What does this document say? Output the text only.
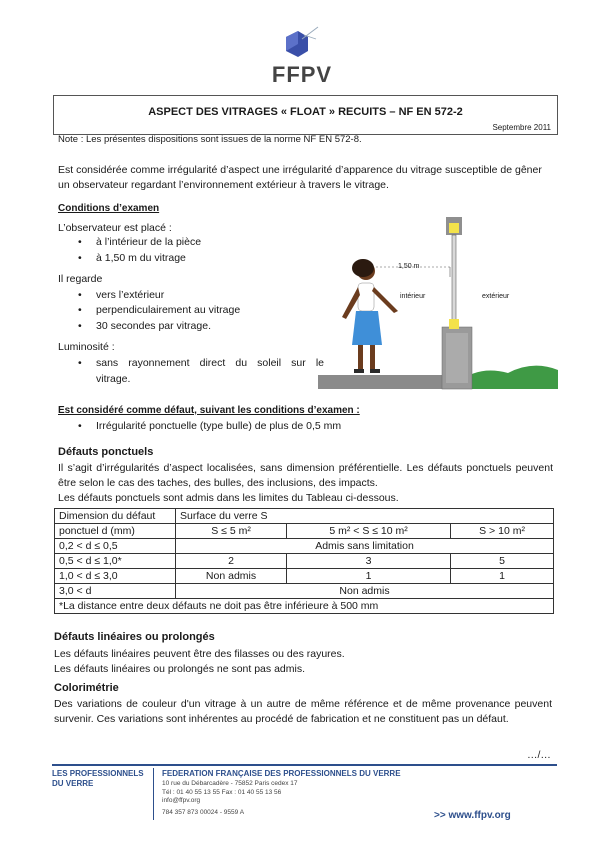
FFPV
ASPECT DES VITRAGES « FLOAT » RECUITS – NF EN 572-2
Septembre 2011
Note : Les présentes dispositions sont issues de la norme NF EN 572-8.
Est considérée comme irrégularité d’aspect une irrégularité d’apparence du vitrage susceptible de gêner un observateur regardant l’environnement extérieur à travers le vitrage.
Conditions d’examen
L’observateur est placé :
• à l’intérieur de la pièce
• à 1,50 m du vitrage
Il regarde
• vers l’extérieur
• perpendiculairement au vitrage
• 30 secondes par vitrage.
Luminosité :
• sans rayonnement direct du soleil sur le
vitrage.
1,50 m
intérieur	extérieur
Est considéré comme défaut, suivant les conditions d’examen :
• Irrégularité ponctuelle (type bulle) de plus de 0,5 mm
Défauts ponctuels
Il s’agit d’irrégularités d’aspect localisées, sans dimension préférentielle. Les défauts ponctuels peuvent être selon le cas des taches, des bulles, des inclusions, des impacts.
Les défauts ponctuels sont admis dans les limites du Tableau ci-dessous.
Dimension du défaut	Surface du verre S		
ponctuel d (mm)	S ≤ 5 m²	5 m² < S ≤ 10 m²	S > 10 m²
0,2 < d ≤ 0,5	Admis sans limitation		
0,5 < d ≤ 1,0*	2	3	5
1,0 < d ≤ 3,0	Non admis	1	1
3,0 < d	Non admis		
*La distance entre deux défauts ne doit pas être inférieure à 500 mm			
Défauts linéaires ou prolongés
Les défauts linéaires peuvent être des filasses ou des rayures.
Les défauts linéaires ou prolongés ne sont pas admis.
Colorimétrie
Des variations de couleur d'un vitrage à un autre de même référence et de même provenance peuvent survenir. Ces variations sont inhérentes au procédé de fabrication et ne constituent pas un défaut.
…/…
LES PROFESSIONNELS
DU VERRE
FEDERATION FRANÇAISE DES PROFESSIONNELS DU VERRE
10 rue du Débarcadère - 75852 Paris cedex 17
Tél : 01 40 55 13 55 Fax : 01 40 55 13 56
info@ffpv.org
784 357 873 00024 - 9559 A	>> www.ffpv.org
